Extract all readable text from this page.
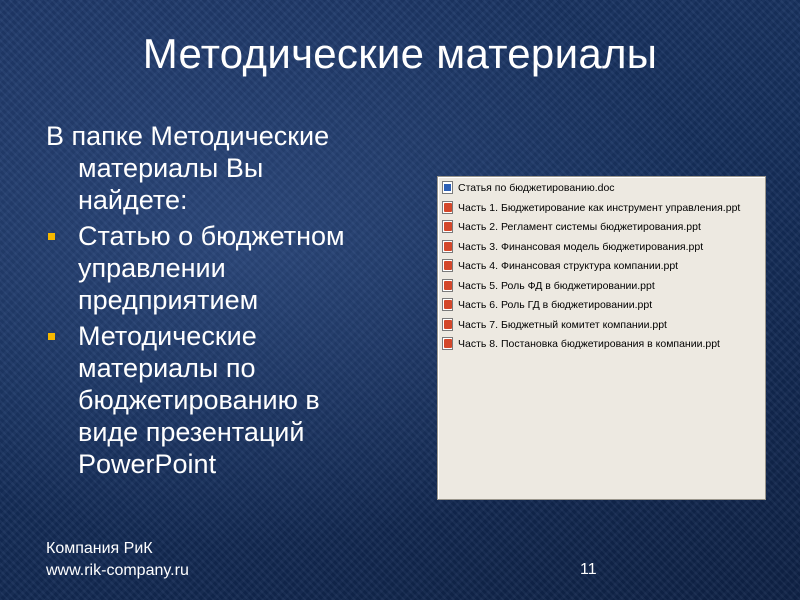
Методические материалы
В папке Методические
материалы Вы
найдете:
Статью о бюджетном
управлении
предприятием
Методические
материалы по
бюджетированию в
виде презентаций
PowerPoint
Статья по бюджетированию.doc
Часть 1. Бюджетирование как инструмент управления.ppt
Часть 2. Регламент системы бюджетирования.ppt
Часть 3. Финансовая модель бюджетирования.ppt
Часть 4. Финансовая структура компании.ppt
Часть 5. Роль ФД в бюджетировании.ppt
Часть 6. Роль ГД в бюджетировании.ppt
Часть 7. Бюджетный комитет компании.ppt
Часть 8. Постановка бюджетирования в компании.ppt
Компания РиК
www.rik-company.ru	11
